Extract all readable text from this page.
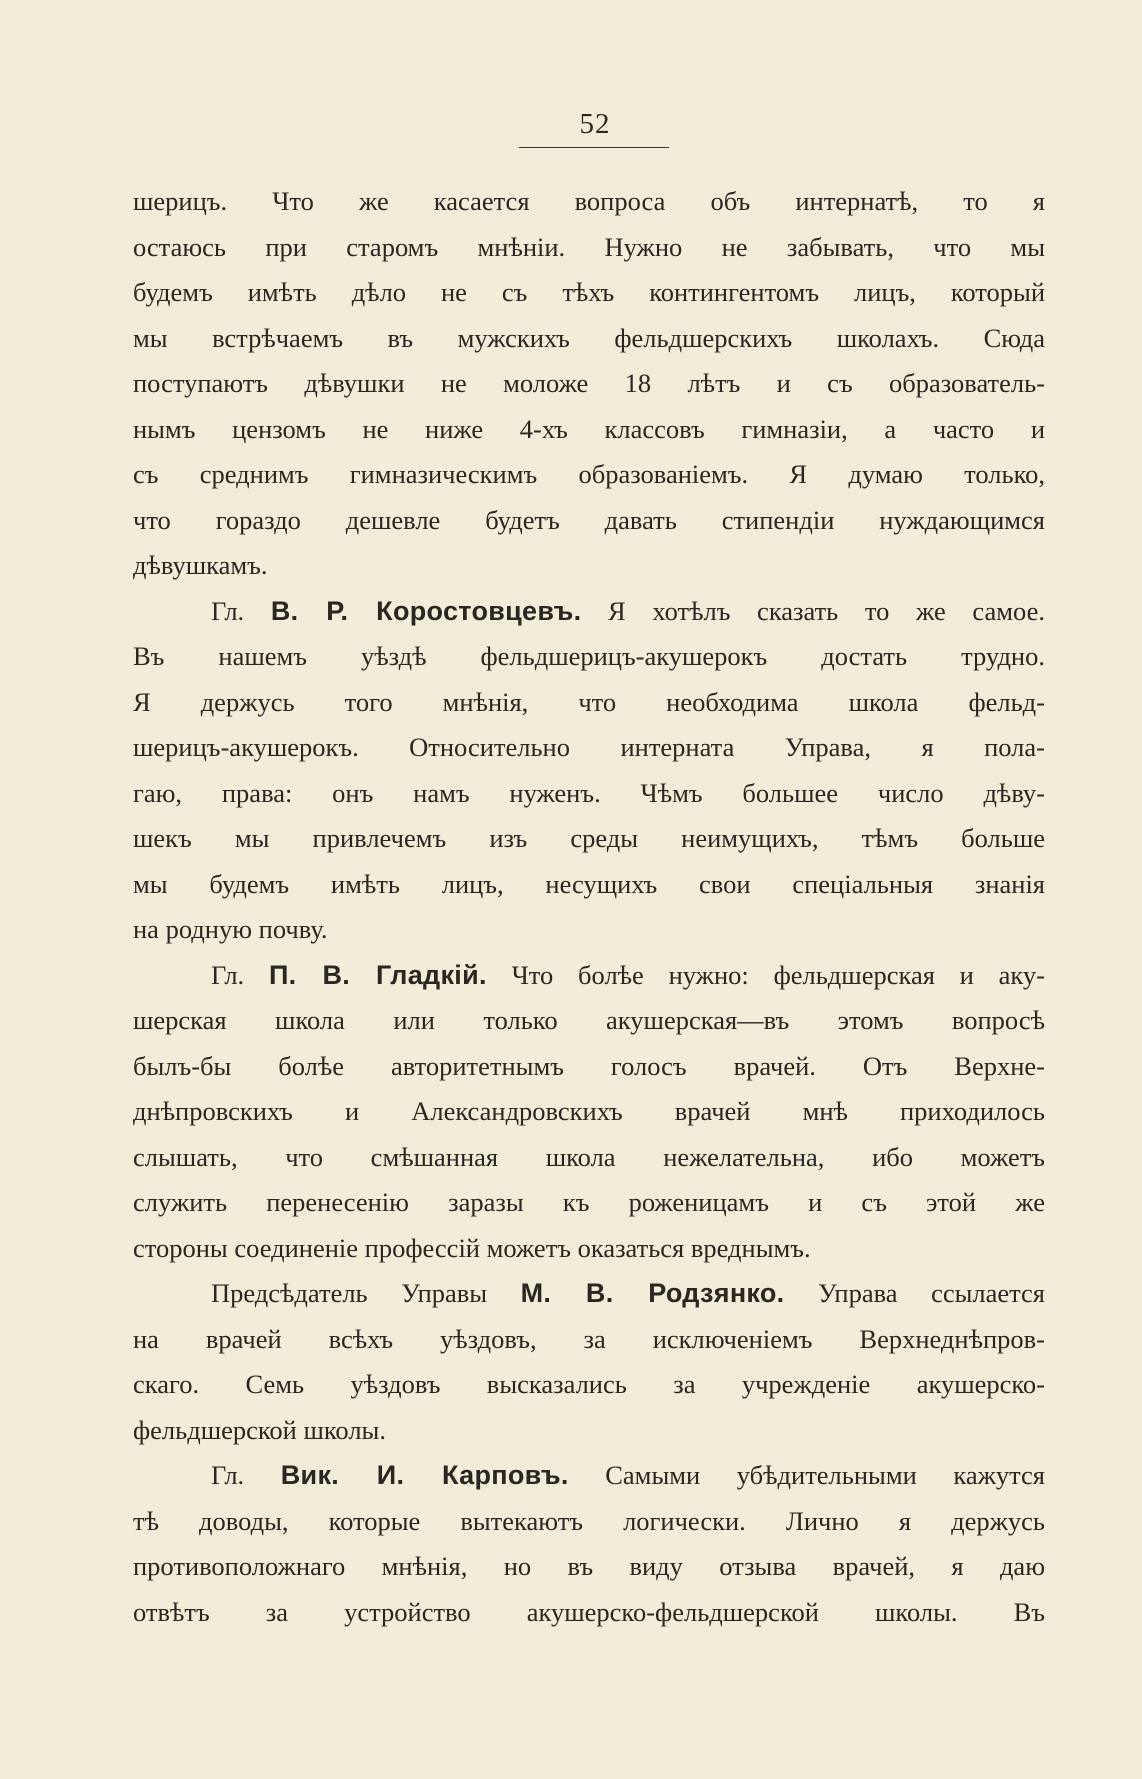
52
шерицъ. Что же касается вопроса объ интернатѣ, то я
остаюсь при старомъ мнѣніи. Нужно не забывать, что мы
будемъ имѣть дѣло не съ тѣхъ контингентомъ лицъ, который
мы встрѣчаемъ въ мужскихъ фельдшерскихъ школахъ. Сюда
поступаютъ дѣвушки не моложе 18 лѣтъ и съ образователь-
нымъ цензомъ не ниже 4-хъ классовъ гимназіи, а часто и
съ среднимъ гимназическимъ образованіемъ. Я думаю только,
что гораздо дешевле будетъ давать стипендіи нуждающимся
дѣвушкамъ.
Гл. В. Р. Коростовцевъ. Я хотѣлъ сказать то же самое.
Въ нашемъ уѣздѣ фельдшерицъ-акушерокъ достать трудно.
Я держусь того мнѣнія, что необходима школа фельд-
шерицъ-акушерокъ. Относительно интерната Управа, я пола-
гаю, права: онъ намъ нуженъ. Чѣмъ большее число дѣву-
шекъ мы привлечемъ изъ среды неимущихъ, тѣмъ больше
мы будемъ имѣть лицъ, несущихъ свои спеціальныя знанія
на родную почву.
Гл. П. В. Гладкій. Что болѣе нужно: фельдшерская и аку-
шерская школа или только акушерская—въ этомъ вопросѣ
былъ-бы болѣе авторитетнымъ голосъ врачей. Отъ Верхне-
днѣпровскихъ и Александровскихъ врачей мнѣ приходилось
слышать, что смѣшанная школа нежелательна, ибо можетъ
служить перенесенію заразы къ роженицамъ и съ этой же
стороны соединеніе профессій можетъ оказаться вреднымъ.
Предсѣдатель Управы М. В. Родзянко. Управа ссылается
на врачей всѣхъ уѣздовъ, за исключеніемъ Верхнеднѣпров-
скаго. Семь уѣздовъ высказались за учрежденіе акушерско-
фельдшерской школы.
Гл. Вик. И. Карповъ. Самыми убѣдительными кажутся
тѣ доводы, которые вытекаютъ логически. Лично я держусь
противоположнаго мнѣнія, но въ виду отзыва врачей, я даю
отвѣтъ за устройство акушерско-фельдшерской школы. Въ
